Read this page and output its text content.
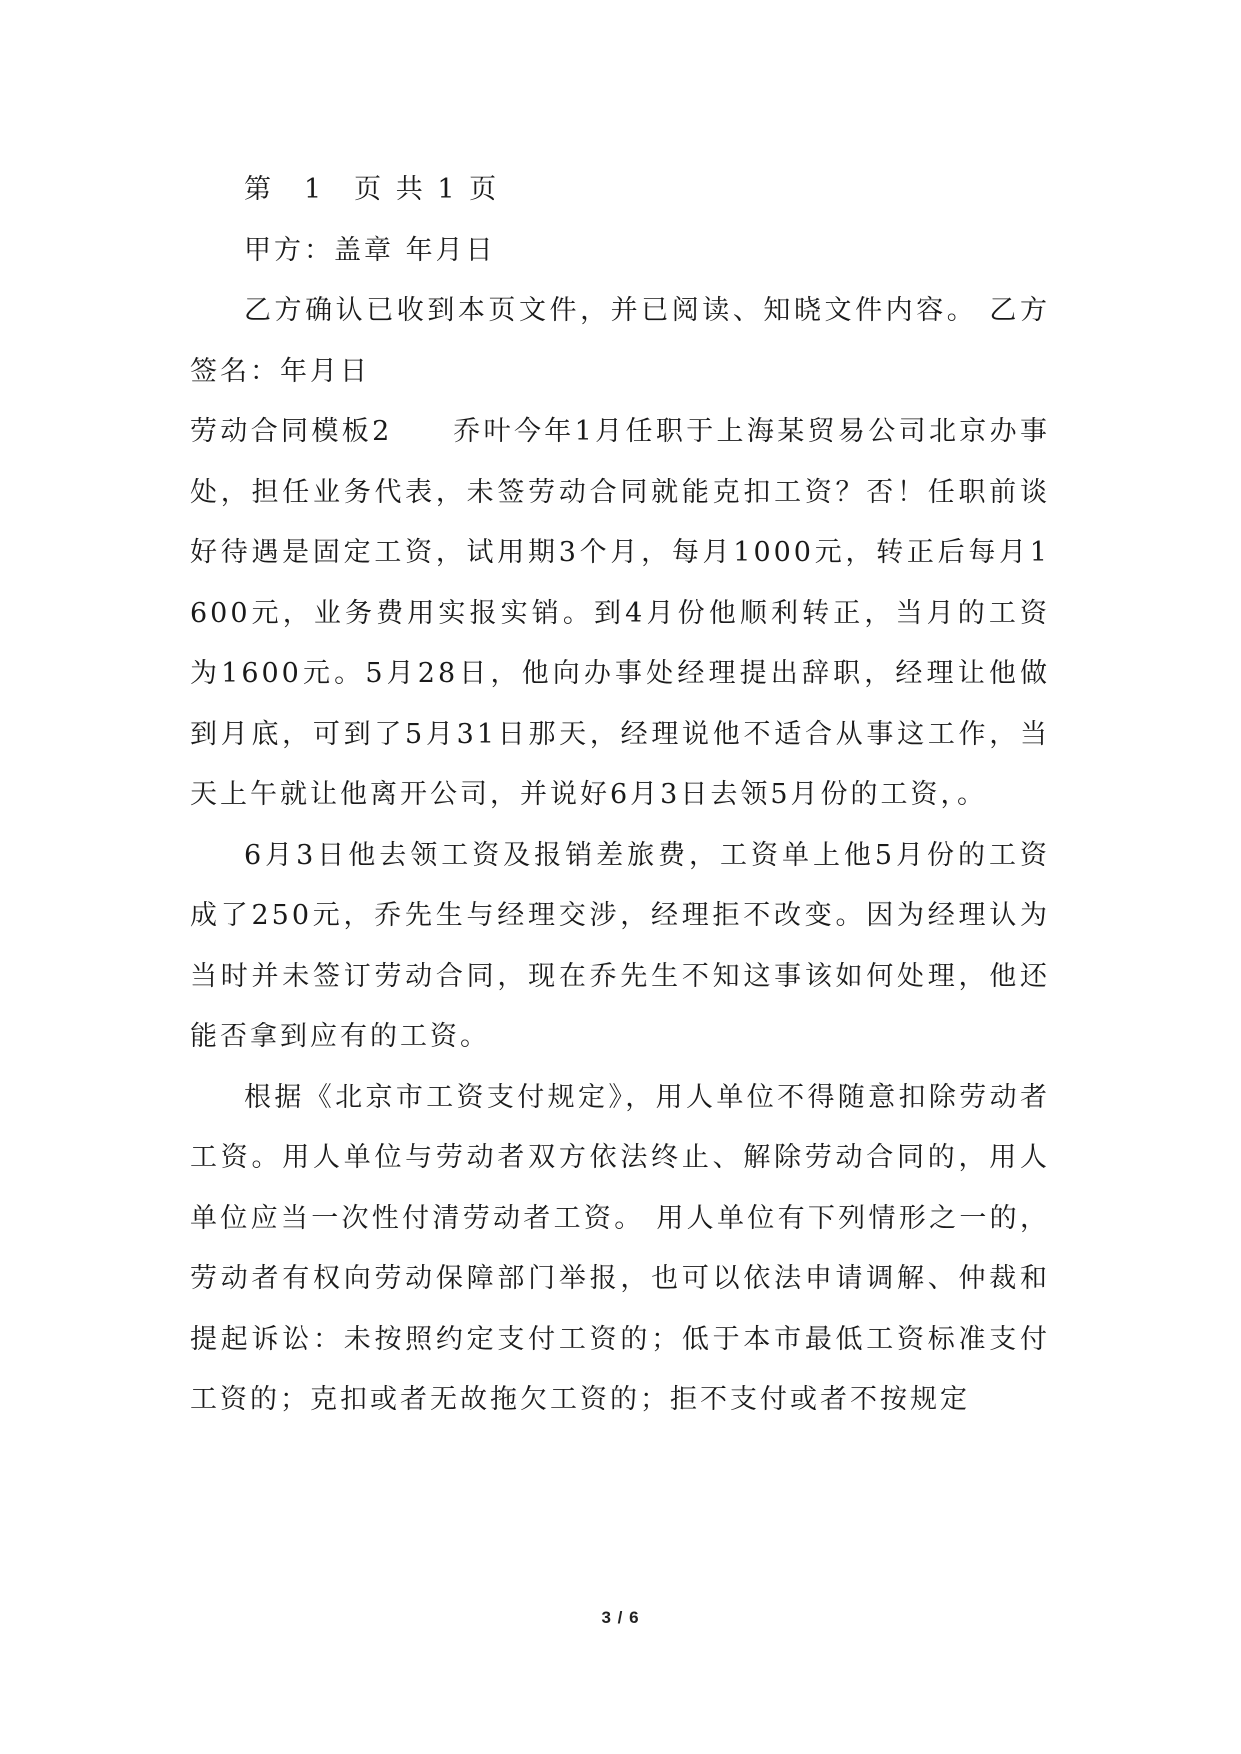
第　1　页 共 1 页

甲方：盖章 年月日

乙方确认已收到本页文件，并已阅读、知晓文件内容。 乙方签名：年月日

劳动合同模板2　　乔叶今年1月任职于上海某贸易公司北京办事处，担任业务代表，未签劳动合同就能克扣工资？否！任职前谈好待遇是固定工资，试用期3个月，每月1000元，转正后每月1600元，业务费用实报实销。到4月份他顺利转正，当月的工资为1600元。5月28日，他向办事处经理提出辞职，经理让他做到月底，可到了5月31日那天，经理说他不适合从事这工作，当天上午就让他离开公司，并说好6月3日去领5月份的工资，。

6月3日他去领工资及报销差旅费，工资单上他5月份的工资成了250元，乔先生与经理交涉，经理拒不改变。因为经理认为当时并未签订劳动合同，现在乔先生不知这事该如何处理，他还能否拿到应有的工资。

根据《北京市工资支付规定》，用人单位不得随意扣除劳动者工资。用人单位与劳动者双方依法终止、解除劳动合同的，用人单位应当一次性付清劳动者工资。 用人单位有下列情形之一的，劳动者有权向劳动保障部门举报，也可以依法申请调解、仲裁和提起诉讼：未按照约定支付工资的；低于本市最低工资标准支付工资的；克扣或者无故拖欠工资的；拒不支付或者不按规定

3 / 6
